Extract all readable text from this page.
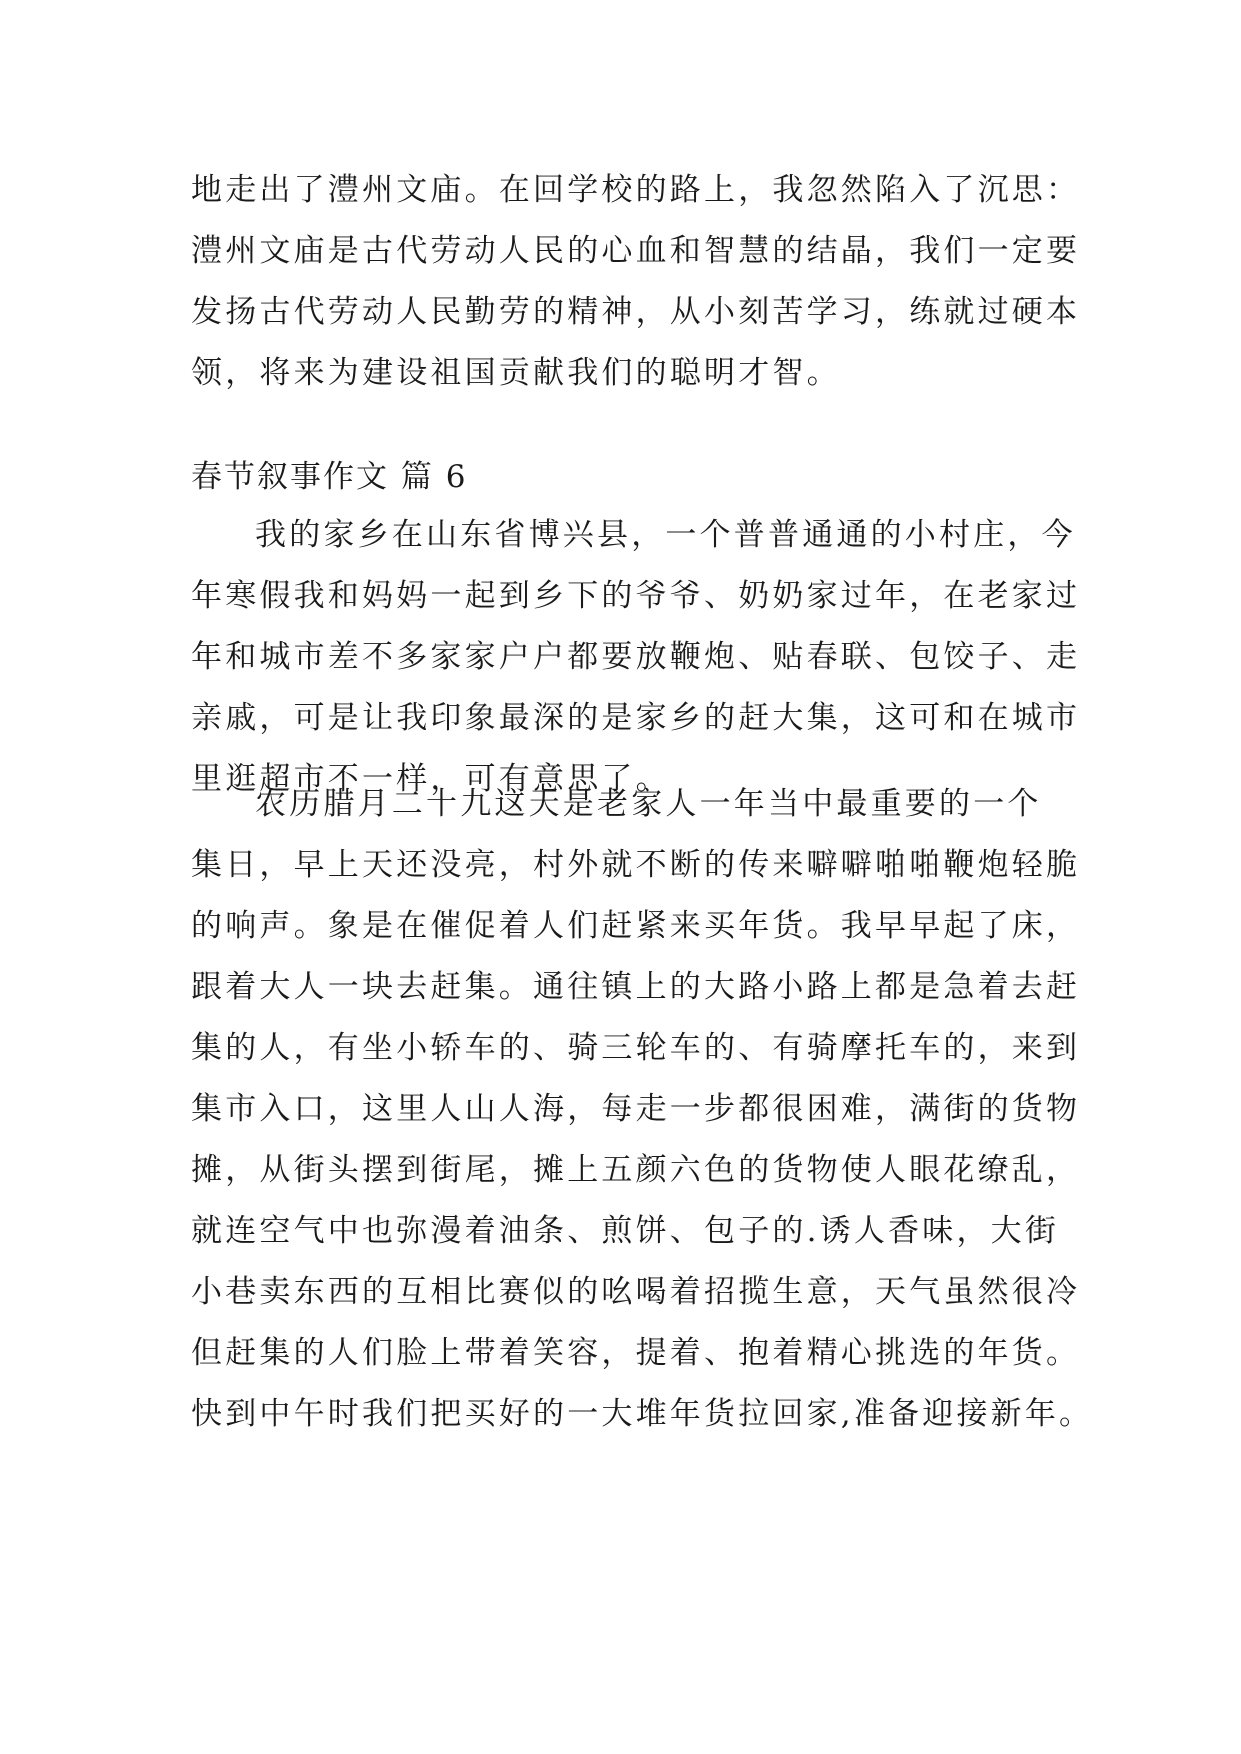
地走出了澧州文庙。在回学校的路上，我忽然陷入了沉思：
澧州文庙是古代劳动人民的心血和智慧的结晶，我们一定要
发扬古代劳动人民勤劳的精神，从小刻苦学习，练就过硬本
领，将来为建设祖国贡献我们的聪明才智。
春节叙事作文 篇 6
我的家乡在山东省博兴县，一个普普通通的小村庄，今
年寒假我和妈妈一起到乡下的爷爷、奶奶家过年，在老家过
年和城市差不多家家户户都要放鞭炮、贴春联、包饺子、走
亲戚，可是让我印象最深的是家乡的赶大集，这可和在城市
里逛超市不一样，可有意思了。
农历腊月二十九这天是老家人一年当中最重要的一个
集日，早上天还没亮，村外就不断的传来噼噼啪啪鞭炮轻脆
的响声。象是在催促着人们赶紧来买年货。我早早起了床，
跟着大人一块去赶集。通往镇上的大路小路上都是急着去赶
集的人，有坐小轿车的、骑三轮车的、有骑摩托车的，来到
集市入口，这里人山人海，每走一步都很困难，满街的货物
摊，从街头摆到街尾，摊上五颜六色的货物使人眼花缭乱，
就连空气中也弥漫着油条、煎饼、包子的.诱人香味，大街
小巷卖东西的互相比赛似的吆喝着招揽生意，天气虽然很冷
但赶集的人们脸上带着笑容，提着、抱着精心挑选的年货。
快到中午时我们把买好的一大堆年货拉回家,准备迎接新年。
